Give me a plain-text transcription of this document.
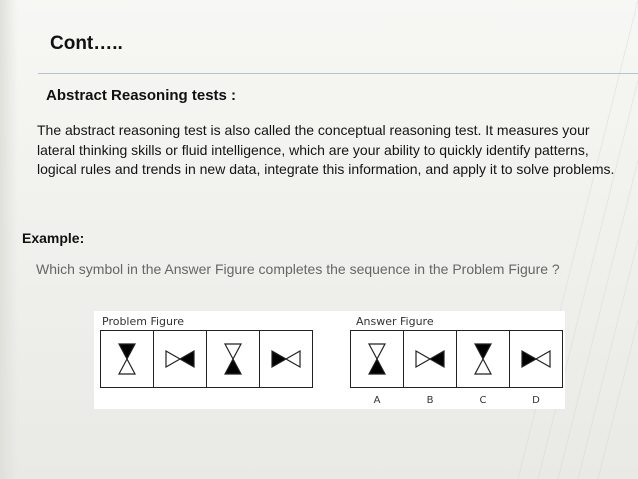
Cont…..
Abstract Reasoning tests :
The abstract reasoning test is also called the conceptual reasoning test. It measures your lateral thinking skills or fluid intelligence, which are your ability to quickly identify patterns, logical rules and trends in new data, integrate this information, and apply it to solve problems.
Example:
Which symbol in the Answer Figure completes the sequence in the Problem Figure ?
Problem Figure	Answer Figure
A	B	C	D
